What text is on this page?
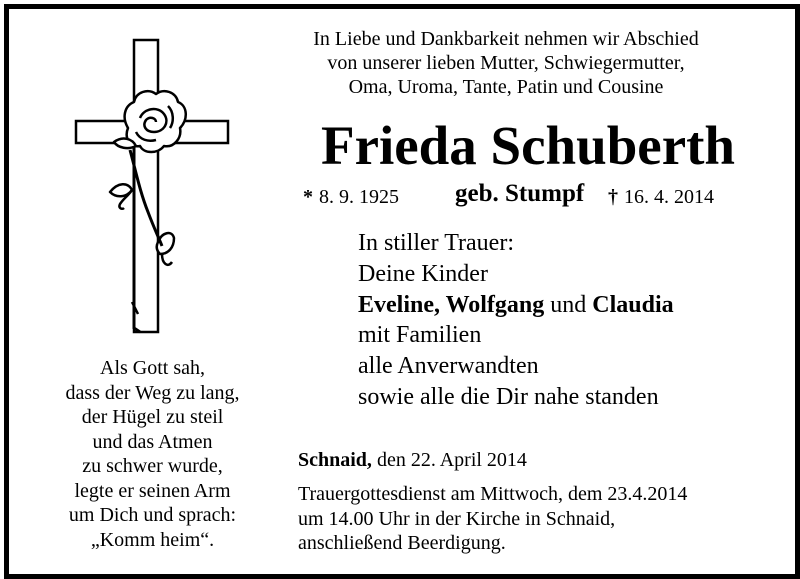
In Liebe und Dankbarkeit nehmen wir Abschied
von unserer lieben Mutter, Schwiegermutter,
Oma, Uroma, Tante, Patin und Cousine
Frieda Schuberth
* 8. 9. 1925 geb. Stumpf † 16. 4. 2014
In stiller Trauer:
Deine Kinder
Eveline, Wolfgang und Claudia
mit Familien
alle Anverwandten
sowie alle die Dir nahe standen
Als Gott sah,
dass der Weg zu lang,
der Hügel zu steil
und das Atmen
zu schwer wurde,
legte er seinen Arm
um Dich und sprach:
„Komm heim“.
Schnaid, den 22. April 2014
Trauergottesdienst am Mittwoch, dem 23.4.2014
um 14.00 Uhr in der Kirche in Schnaid,
anschließend Beerdigung.
